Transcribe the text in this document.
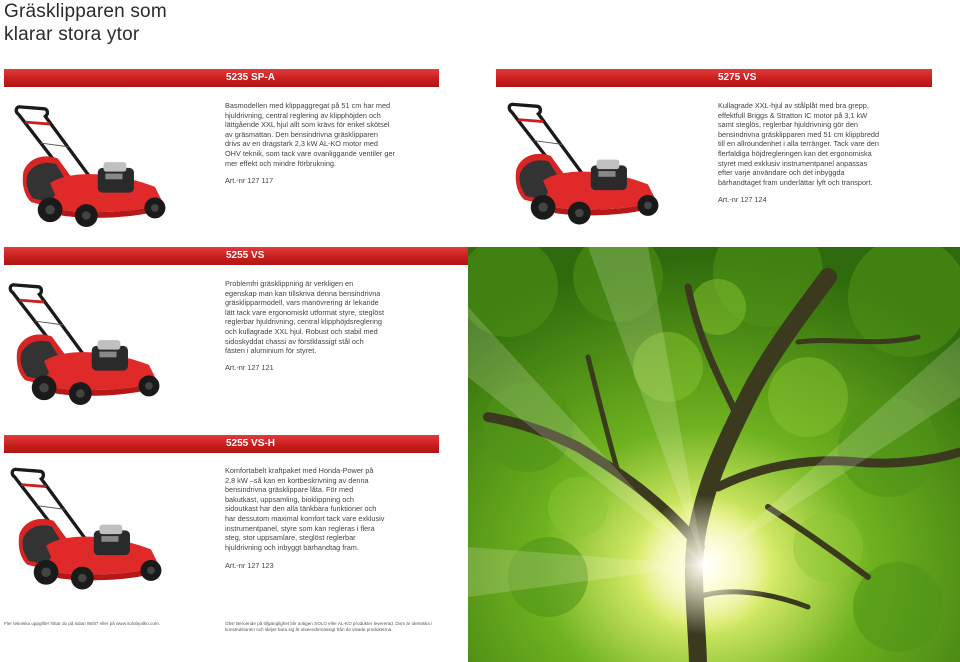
Gräsklipparen som
klarar stora ytor
5235 SP-A
Basmodellen med klippaggregat på 51 cm har med hjuldrivning, central reglering av klipphöjden och lättgående XXL hjul allt som krävs för enkel skötsel av gräsmattan. Den bensindrivna gräsklipparen drivs av en dragstark 2,3 kW AL-KO motor med OHV teknik, som tack vare ovanliggande ventiler ger mer effekt och mindre förbrukning.
Art.-nr 127 117
5275 VS
Kullagrade XXL-hjul av stålplåt med bra grepp, effektfull Briggs & Stratton IC motor på 3,1 kW samt steglös, reglerbar hjuldrivning gör den bensindrivna gräsklipparen med 51 cm klippbredd till en allroundenhet i alla terränger. Tack vare den flerfaldiga höjdregleringen kan det ergonomiska styret med exklusiv instrumentpanel anpassas efter varje användare och det inbyggda bärhandtaget fram underlättar lyft och transport.
Art.-nr 127 124
5255 VS
Problemfri gräsklippning är verkligen en egenskap man kan tillskriva denna bensindrivna gräsklipparmodell, vars manövrering är lekande lätt tack vare ergonomiskt utformat styre, steglöst reglerbar hjuldrivning, central klipphöjdsreglering och kullagrade XXL hjul. Robust och stabil med sidoskyddat chassi av förstklassigt stål och fästen i aluminium för styret.
Art.-nr 127 121
5255 VS-H
Komfortabelt kraftpaket med Honda-Power på 2,8 kW –så kan en kortbeskrivning av denna bensindrivna gräsklippare låta. För med bakutkast, uppsamling, bioklippning och sidoutkast har den alla tänkbara funktioner och har dessutom maximal komfort tack vare exklusiv instrumentpanel, styre som kan regleras i flera steg, stor uppsamlare, steglöst reglerbar hjuldrivning och inbyggt bärhandtag fram.
Art.-nr 127 123
Fler tekniska uppgifter hittar du på sidan 86/87 eller på www.solobyalko.com.	Obs! Beroende på tillgänglighet blir antigen SOLO eller AL-KO produkter levererad. Dom är identiska i konstruktionen och skiljer bara sig åt utseendemässigt från de visade produkterna.
